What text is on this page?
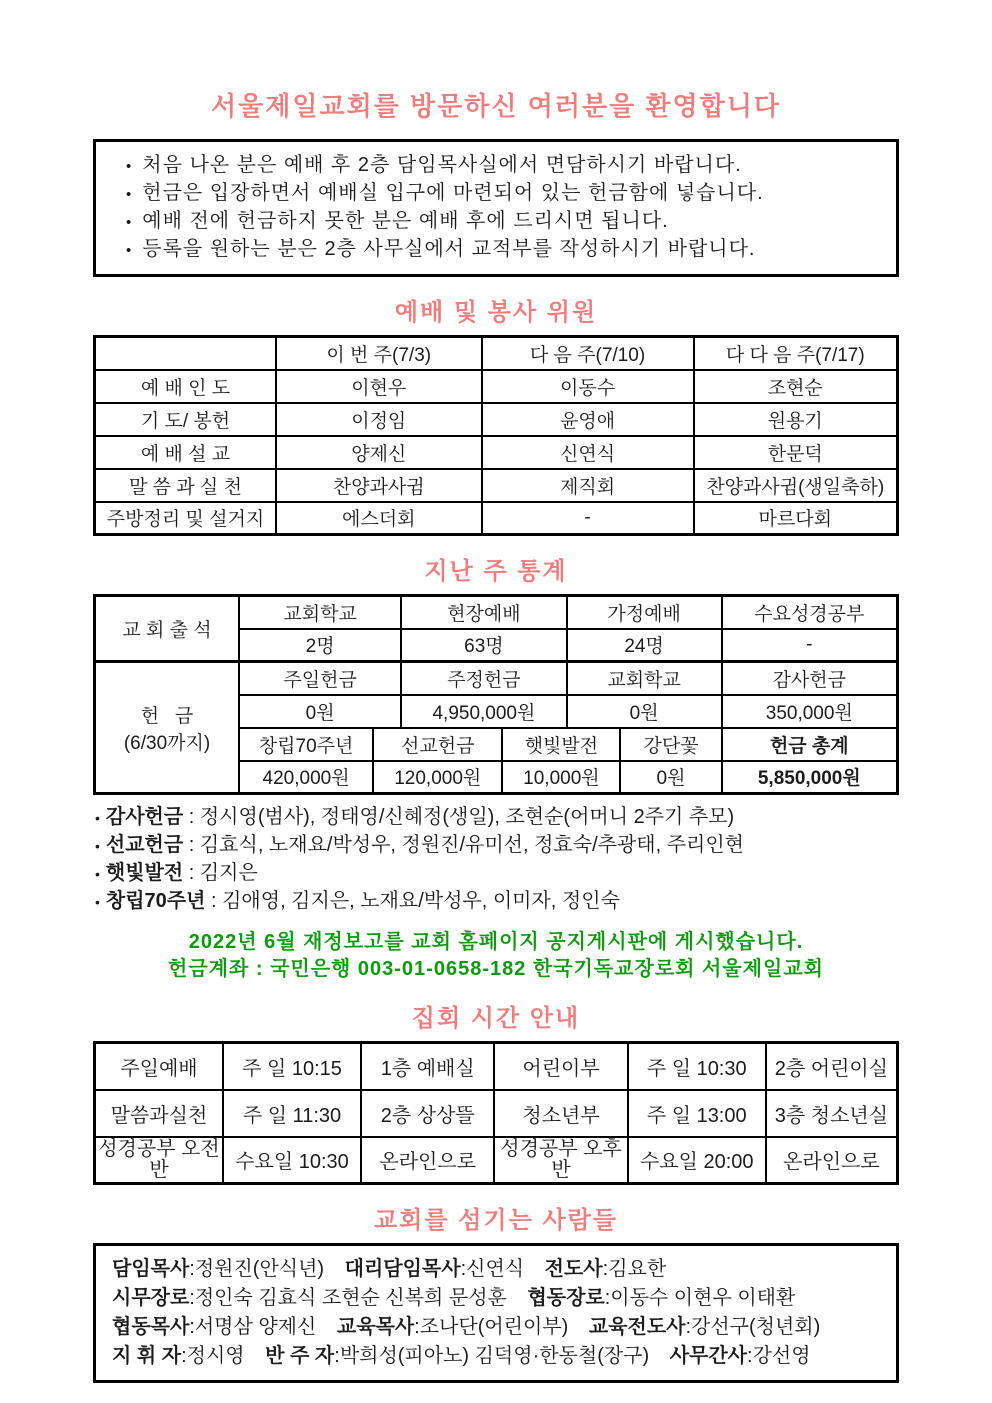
서울제일교회를 방문하신 여러분을 환영합니다
• 처음 나온 분은 예배 후 2층 담임목사실에서 면담하시기 바랍니다.
• 헌금은 입장하면서 예배실 입구에 마련되어 있는 헌금함에 넣습니다.
• 예배 전에 헌금하지 못한 분은 예배 후에 드리시면 됩니다.
• 등록을 원하는 분은 2층 사무실에서 교적부를 작성하시기 바랍니다.
예배 및 봉사 위원
	이 번 주(7/3)	다 음 주(7/10)	다 다 음 주(7/17)
예 배 인 도	이현우	이동수	조현순
기 도/ 봉헌	이정임	윤영애	원용기
예 배 설 교	양제신	신연식	한문덕
말 씀 과 실 천	찬양과사귐	제직회	찬양과사귐(생일축하)
주방정리 및 설거지	에스더회	-	마르다회
지난 주 통계
교 회 출 석	교회학교		현장예배		가정예배		수요성경공부
	2명		63명		24명		-
헌   금
(6/30까지)	주일헌금		주정헌금		교회학교		감사헌금
	0원		4,950,000원		0원		350,000원
	창립70주년	선교헌금		햇빛발전		강단꽃	헌금 총계
	420,000원	120,000원		10,000원		0원	5,850,000원
• 감사헌금 : 정시영(범사), 정태영/신혜정(생일), 조현순(어머니 2주기 추모)
• 선교헌금 : 김효식, 노재요/박성우, 정원진/유미선, 정효숙/추광태, 주리인현
• 햇빛발전 : 김지은
• 창립70주년 : 김애영, 김지은, 노재요/박성우, 이미자, 정인숙
2022년 6월 재정보고를 교회 홈페이지 공지게시판에 게시했습니다.
헌금계좌 : 국민은행 003-01-0658-182 한국기독교장로회 서울제일교회
집회 시간 안내
주일예배	주 일 10:15	1층 예배실	어린이부	주 일 10:30	2층 어린이실
말씀과실천	주 일 11:30	2층 상상뜰	청소년부	주 일 13:00	3층 청소년실
성경공부 오전반	수요일 10:30	온라인으로	성경공부 오후반	수요일 20:00	온라인으로
교회를 섬기는 사람들
담임목사:정원진(안식년) 대리담임목사:신연식 전도사:김요한
시무장로:정인숙 김효식 조현순 신복희 문성훈 협동장로:이동수 이현우 이태환
협동목사:서명삼 양제신 교육목사:조나단(어린이부) 교육전도사:강선구(청년회)
지 휘 자:정시영 반 주 자:박희성(피아노) 김덕영·한동철(장구) 사무간사:강선영
